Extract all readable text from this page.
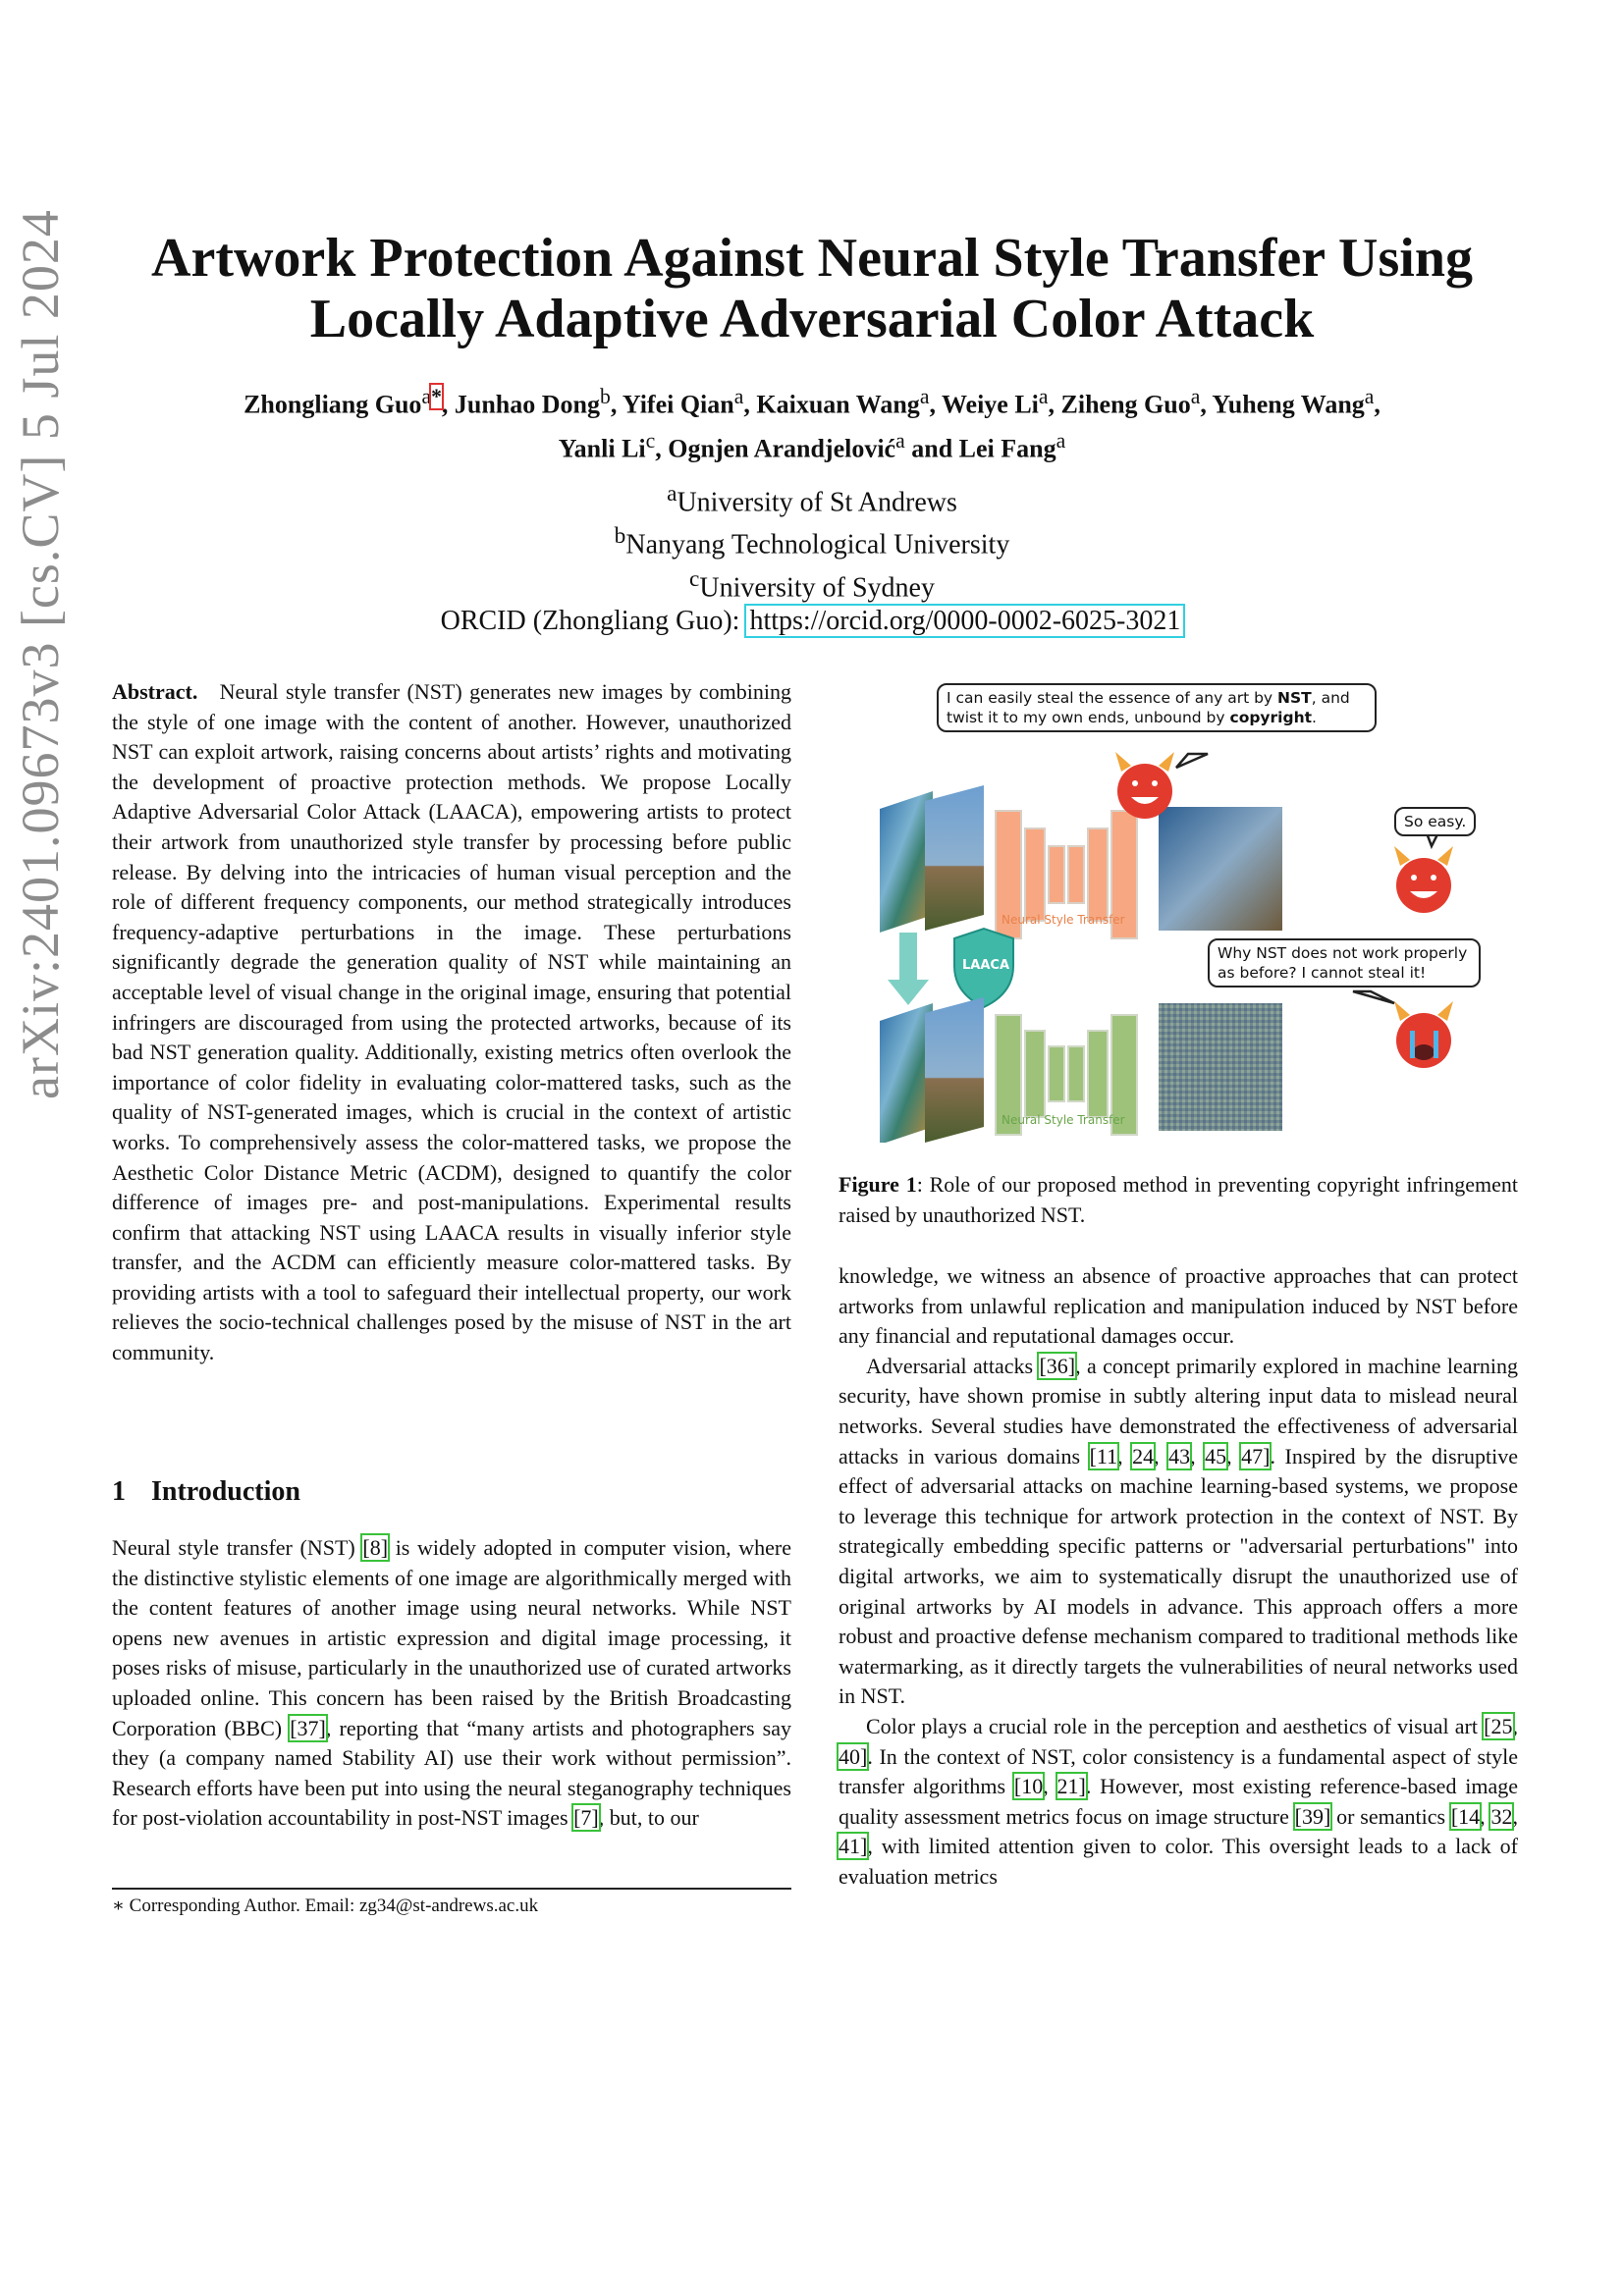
arXiv:2401.09673v3 [cs.CV] 5 Jul 2024	Artwork Protection Against Neural Style Transfer Using
Locally Adaptive Adversarial Color Attack
Zhongliang Guo$^{a*}$, Junhao Dong$^b$, Yifei Qian$^a$, Kaixuan Wang$^a$, Weiye Li$^a$, Ziheng Guo$^a$, Yuheng Wang$^a$,
Yanli Li$^c$, Ognjen Arandjelović$^a$ and Lei Fang$^a$
$^a$University of St Andrews
$^b$Nanyang Technological University
$^c$University of Sydney
ORCID (Zhongliang Guo): https://orcid.org/0000-0002-6025-3021

Abstract. Neural style transfer (NST) generates new images by combining the style of one image with the content of another. However, unauthorized NST can exploit artwork, raising concerns about artists’ rights and motivating the development of proactive protection methods. We propose Locally Adaptive Adversarial Color Attack (LAACA), empowering artists to protect their artwork from unauthorized style transfer by processing before public release. By delving into the intricacies of human visual perception and the role of different frequency components, our method strategically introduces frequency-adaptive perturbations in the image. These perturbations significantly degrade the generation quality of NST while maintaining an acceptable level of visual change in the original image, ensuring that potential infringers are discouraged from using the protected artworks, because of its bad NST generation quality. Additionally, existing metrics often overlook the importance of color fidelity in evaluating color-mattered tasks, such as the quality of NST-generated images, which is crucial in the context of artistic works. To comprehensively assess the color-mattered tasks, we propose the Aesthetic Color Distance Metric (ACDM), designed to quantify the color difference of images pre- and post-manipulations. Experimental results confirm that attacking NST using LAACA results in visually inferior style transfer, and the ACDM can efficiently measure color-mattered tasks. By providing artists with a tool to safeguard their intellectual property, our work relieves the socio-technical challenges posed by the misuse of NST in the art community.

1 Introduction

Neural style transfer (NST) [8] is widely adopted in computer vision, where the distinctive stylistic elements of one image are algorithmically merged with the content features of another image using neural networks. While NST opens new avenues in artistic expression and digital image processing, it poses risks of misuse, particularly in the unauthorized use of curated artworks uploaded online. This concern has been raised by the British Broadcasting Corporation (BBC) [37], reporting that “many artists and photographers say they (a company named Stability AI) use their work without permission”. Research efforts have been put into using the neural steganography techniques for post-violation accountability in post-NST images [7], but, to our

∗ Corresponding Author. Email: zg34@st-andrews.ac.uk
I can easily steal the essence of any art by NST, and twist it to my own ends, unbound by copyright.
So easy.
Why NST does not work properly as before? I cannot steal it!
Neural Style Transfer
Neural Style Transfer
LAACA
Figure 1: Role of our proposed method in preventing copyright infringement raised by unauthorized NST.

knowledge, we witness an absence of proactive approaches that can protect artworks from unlawful replication and manipulation induced by NST before any financial and reputational damages occur.

Adversarial attacks [36], a concept primarily explored in machine learning security, have shown promise in subtly altering input data to mislead neural networks. Several studies have demonstrated the effectiveness of adversarial attacks in various domains [11, 24, 43, 45, 47]. Inspired by the disruptive effect of adversarial attacks on machine learning-based systems, we propose to leverage this technique for artwork protection in the context of NST. By strategically embedding specific patterns or "adversarial perturbations" into digital artworks, we aim to systematically disrupt the unauthorized use of original artworks by AI models in advance. This approach offers a more robust and proactive defense mechanism compared to traditional methods like watermarking, as it directly targets the vulnerabilities of neural networks used in NST.

Color plays a crucial role in the perception and aesthetics of visual art [25, 40]. In the context of NST, color consistency is a fundamental aspect of style transfer algorithms [10, 21]. However, most existing reference-based image quality assessment metrics focus on image structure [39] or semantics [14, 32, 41], with limited attention given to color. This oversight leads to a lack of evaluation metrics
